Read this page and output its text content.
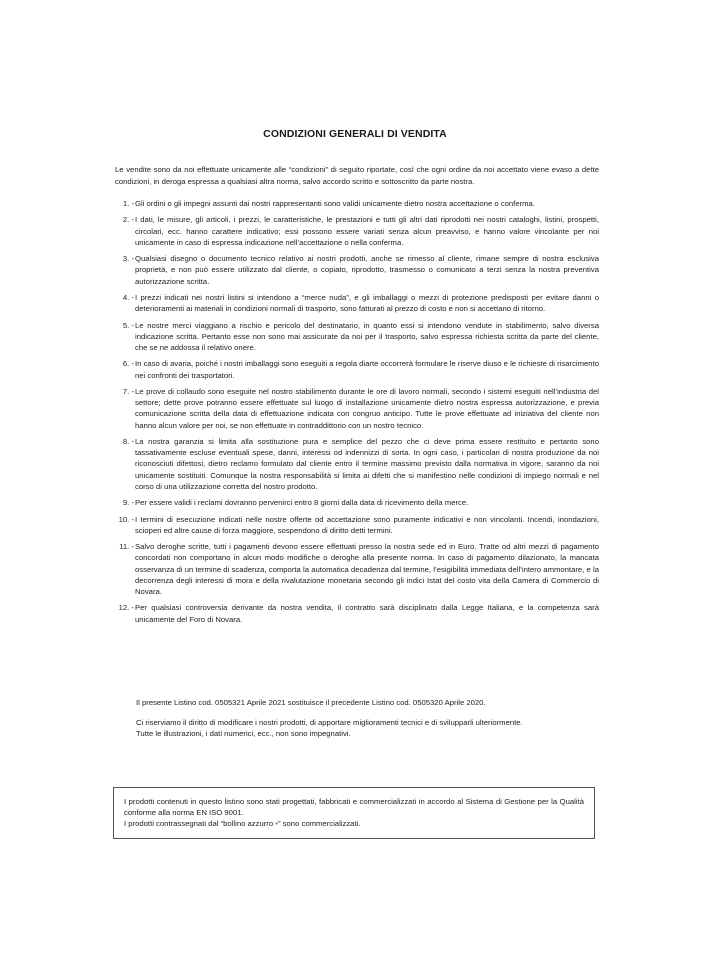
CONDIZIONI GENERALI DI VENDITA
Le vendite sono da noi effettuate unicamente alle “condizioni” di seguito riportate, così che ogni ordine da noi accettato viene evaso a dette condizioni, in deroga espressa a qualsiasi altra norma, salvo accordo scritto e sottoscritto da parte nostra.
1. - Gli ordini o gli impegni assunti dai nostri rappresentanti sono validi unicamente dietro nostra accettazione o conferma.
2. - I dati, le misure, gli articoli, i prezzi, le caratteristiche, le prestazioni e tutti gli altri dati riprodotti nei nostri cataloghi, listini, prospetti, circolari, ecc. hanno carattere indicativo; essi possono essere variati senza alcun preavviso, e hanno valore vincolante per noi unicamente in caso di espressa indicazione nell’accettazione o nella conferma.
3. - Qualsiasi disegno o documento tecnico relativo ai nostri prodotti, anche se rimesso al cliente, rimane sempre di nostra esclusiva proprietà, e non può essere utilizzato dal cliente, o copiato, riprodotto, trasmesso o comunicato a terzi senza la nostra preventiva autorizzazione scritta.
4. - I prezzi indicati nei nostri listini si intendono a “merce nuda”, e gli imballaggi o mezzi di protezione predisposti per evitare danni o deterioramenti ai materiali in condizioni normali di trasporto, sono fatturati al prezzo di costo e non si accettano di ritorno.
5. - Le nostre merci viaggiano a rischio e pericolo del destinatario, in quanto essi si intendono vendute in stabilimento, salvo diversa indicazione scritta. Pertanto esse non sono mai assicurate da noi per il trasporto, salvo espressa richiesta scritta da parte del cliente, che se ne addossa il relativo onere.
6. - In caso di avaria, poiché i nostri imballaggi sono eseguiti a regola diarte occorrerà formulare le riserve diuso e le richieste di risarcimento nei confronti dei trasportatori.
7. - Le prove di collaudo sono eseguite nel nostro stabilimento durante le ore di lavoro normali, secondo i sistemi eseguiti nell’industria del settore; dette prove potranno essere effettuate sul luogo di installazione unicamente dietro nostra espressa autorizzazione, e previa comunicazione scritta della data di effettuazione indicata con congruo anticipo. Tutte le prove effettuate ad iniziativa del cliente non hanno alcun valore per noi, se non effettuate in contraddittorio con un nostro tecnico.
8. - La nostra garanzia si limita alla sostituzione pura e semplice del pezzo che ci deve prima essere restituito e pertanto sono tassativamente escluse eventuali spese, danni, interessi od indennizzi di sorta. In ogni caso, i particolari di nostra produzione da noi riconosciuti difettosi, dietro reclamo formulato dal cliente entro il termine massimo previsto dalla normativa in vigore, saranno da noi unicamente sostituiti. Comunque la nostra responsabilità si limita ai difetti che si manifestino nelle condizioni di impiego normali e nel corso di una utilizzazione corretta del nostro prodotto.
9. - Per essere validi i reclami dovranno pervenirci entro 8 giorni dalla data di ricevimento della merce.
10. - I termini di esecuzione indicati nelle nostre offerte od accettazione sono puramente indicativi e non vincolanti. Incendi, inondazioni, scioperi ed altre cause di forza maggiore, sospendono di diritto detti termini.
11. - Salvo deroghe scritte, tutti i pagamenti devono essere effettuati presso la nostra sede ed in Euro. Tratte od altri mezzi di pagamento concordati non comportano in alcun modo modifiche o deroghe alla presente norma. In caso di pagamento dilazionato, la mancata osservanza di un termine di scadenza, comporta la automatica decadenza dal termine, l’esigibilità immediata dell’intero ammontare, e la decorrenza degli interessi di mora e della rivalutazione monetaria secondo gli indici Istat del costo vita della Camera di Commercio di Novara.
12. - Per qualsiasi controversia derivante da nostra vendita, il contratto sarà disciplinato dalla Legge Italiana, e la competenza sarà unicamente del Foro di Novara.
Il presente Listino cod. 0505321 Aprile 2021 sostituisce il precedente Listino cod. 0505320 Aprile 2020.

Ci riserviamo il diritto di modificare i nostri prodotti, di apportare miglioramenti tecnici e di svilupparli ulteriormente.

Tutte le illustrazioni, i dati numerici, ecc., non sono impegnativi.

I prodotti contenuti in questo listino sono stati progettati, fabbricati e commercializzati in accordo al Sistema di Gestione per la Qualità conforme alla norma EN ISO 9001.

I prodotti contrassegnati dal “bollino azzurro •” sono commercializzati.
